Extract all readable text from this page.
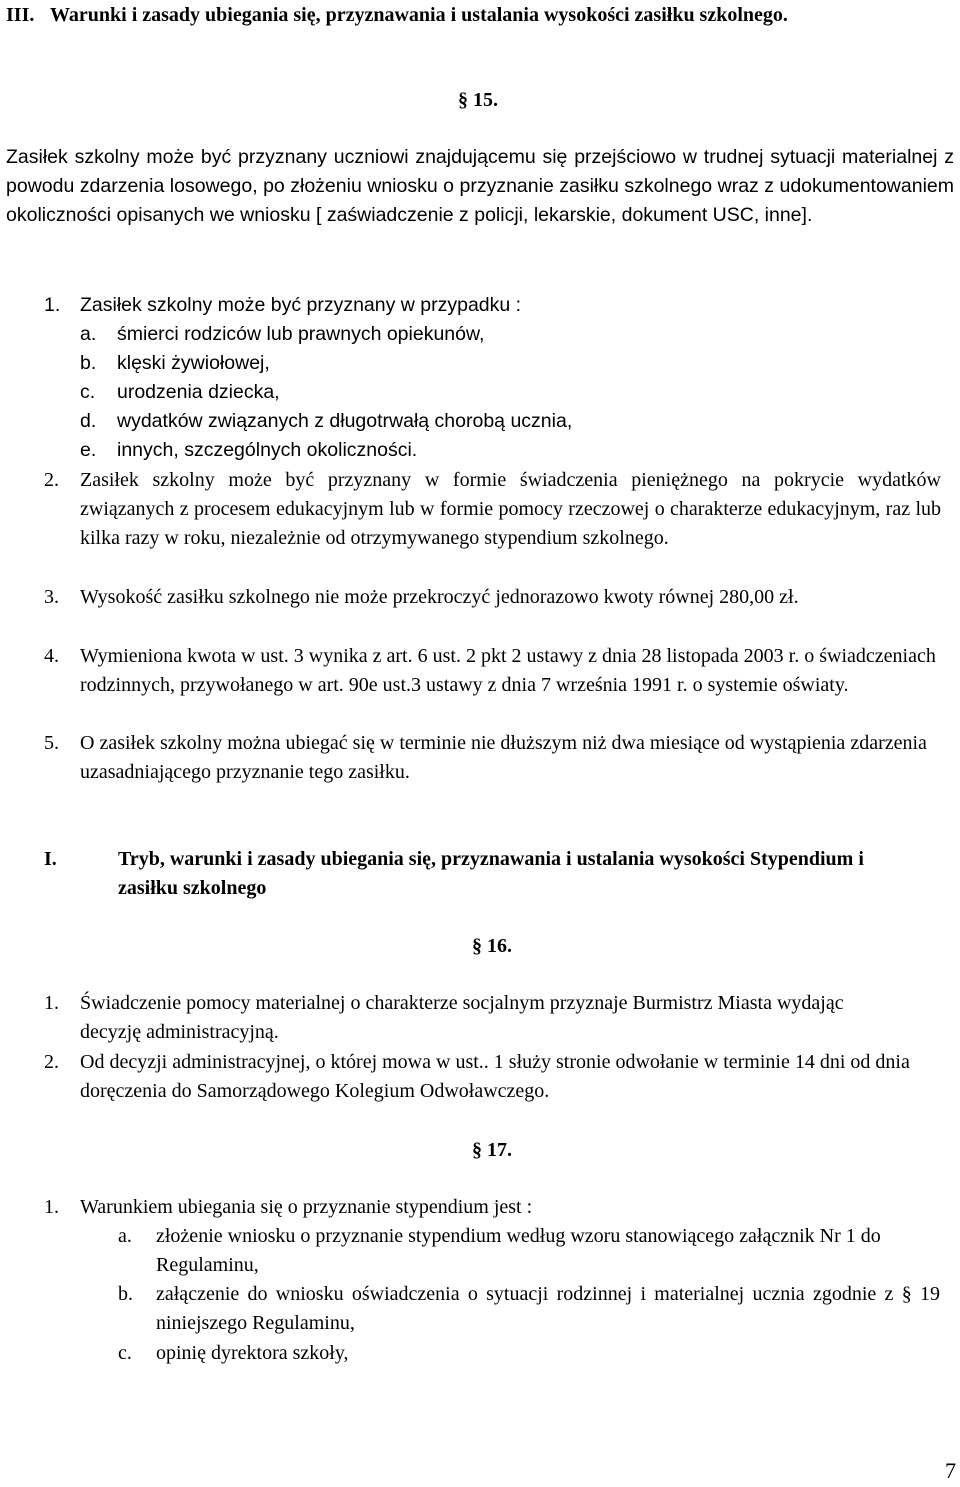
III. Warunki i zasady ubiegania się, przyznawania i ustalania wysokości zasiłku szkolnego.
§ 15.
Zasiłek szkolny może być przyznany uczniowi znajdującemu się przejściowo w trudnej sytuacji materialnej z powodu zdarzenia losowego, po złożeniu wniosku o przyznanie zasiłku szkolnego wraz z udokumentowaniem okoliczności opisanych we wniosku [ zaświadczenie z policji, lekarskie, dokument USC, inne].
1. Zasiłek szkolny może być przyznany w przypadku :
a. śmierci rodziców lub prawnych opiekunów,
b. klęski żywiołowej,
c. urodzenia dziecka,
d. wydatków związanych z długotrwałą chorobą ucznia,
e. innych, szczególnych okoliczności.
2. Zasiłek szkolny może być przyznany w formie świadczenia pieniężnego na pokrycie wydatków związanych z procesem edukacyjnym lub w formie pomocy rzeczowej o charakterze edukacyjnym, raz lub kilka razy w roku, niezależnie od otrzymywanego stypendium szkolnego.
3. Wysokość zasiłku szkolnego nie może przekroczyć jednorazowo kwoty równej 280,00 zł.
4. Wymieniona kwota w ust. 3 wynika z art. 6 ust. 2 pkt 2 ustawy z dnia 28 listopada 2003 r. o świadczeniach rodzinnych, przywołanego w art. 90e ust.3 ustawy z dnia 7 września 1991 r. o systemie oświaty.
5. O zasiłek szkolny można ubiegać się w terminie nie dłuższym niż dwa miesiące od wystąpienia zdarzenia uzasadniającego przyznanie tego zasiłku.
I.	Tryb, warunki i zasady ubiegania się, przyznawania i ustalania wysokości Stypendium i zasiłku szkolnego
§ 16.
1. Świadczenie pomocy materialnej o charakterze socjalnym przyznaje Burmistrz Miasta wydając decyzję administracyjną.
2. Od decyzji administracyjnej, o której mowa w ust.. 1 służy stronie odwołanie w terminie 14 dni od dnia doręczenia do Samorządowego Kolegium Odwoławczego.
§ 17.
1. Warunkiem ubiegania się o przyznanie stypendium jest :
a. złożenie wniosku o przyznanie stypendium według wzoru stanowiącego załącznik Nr 1 do Regulaminu,
b. załączenie do wniosku oświadczenia o sytuacji rodzinnej i materialnej ucznia zgodnie z § 19 niniejszego Regulaminu,
c. opinię dyrektora szkoły,
7
